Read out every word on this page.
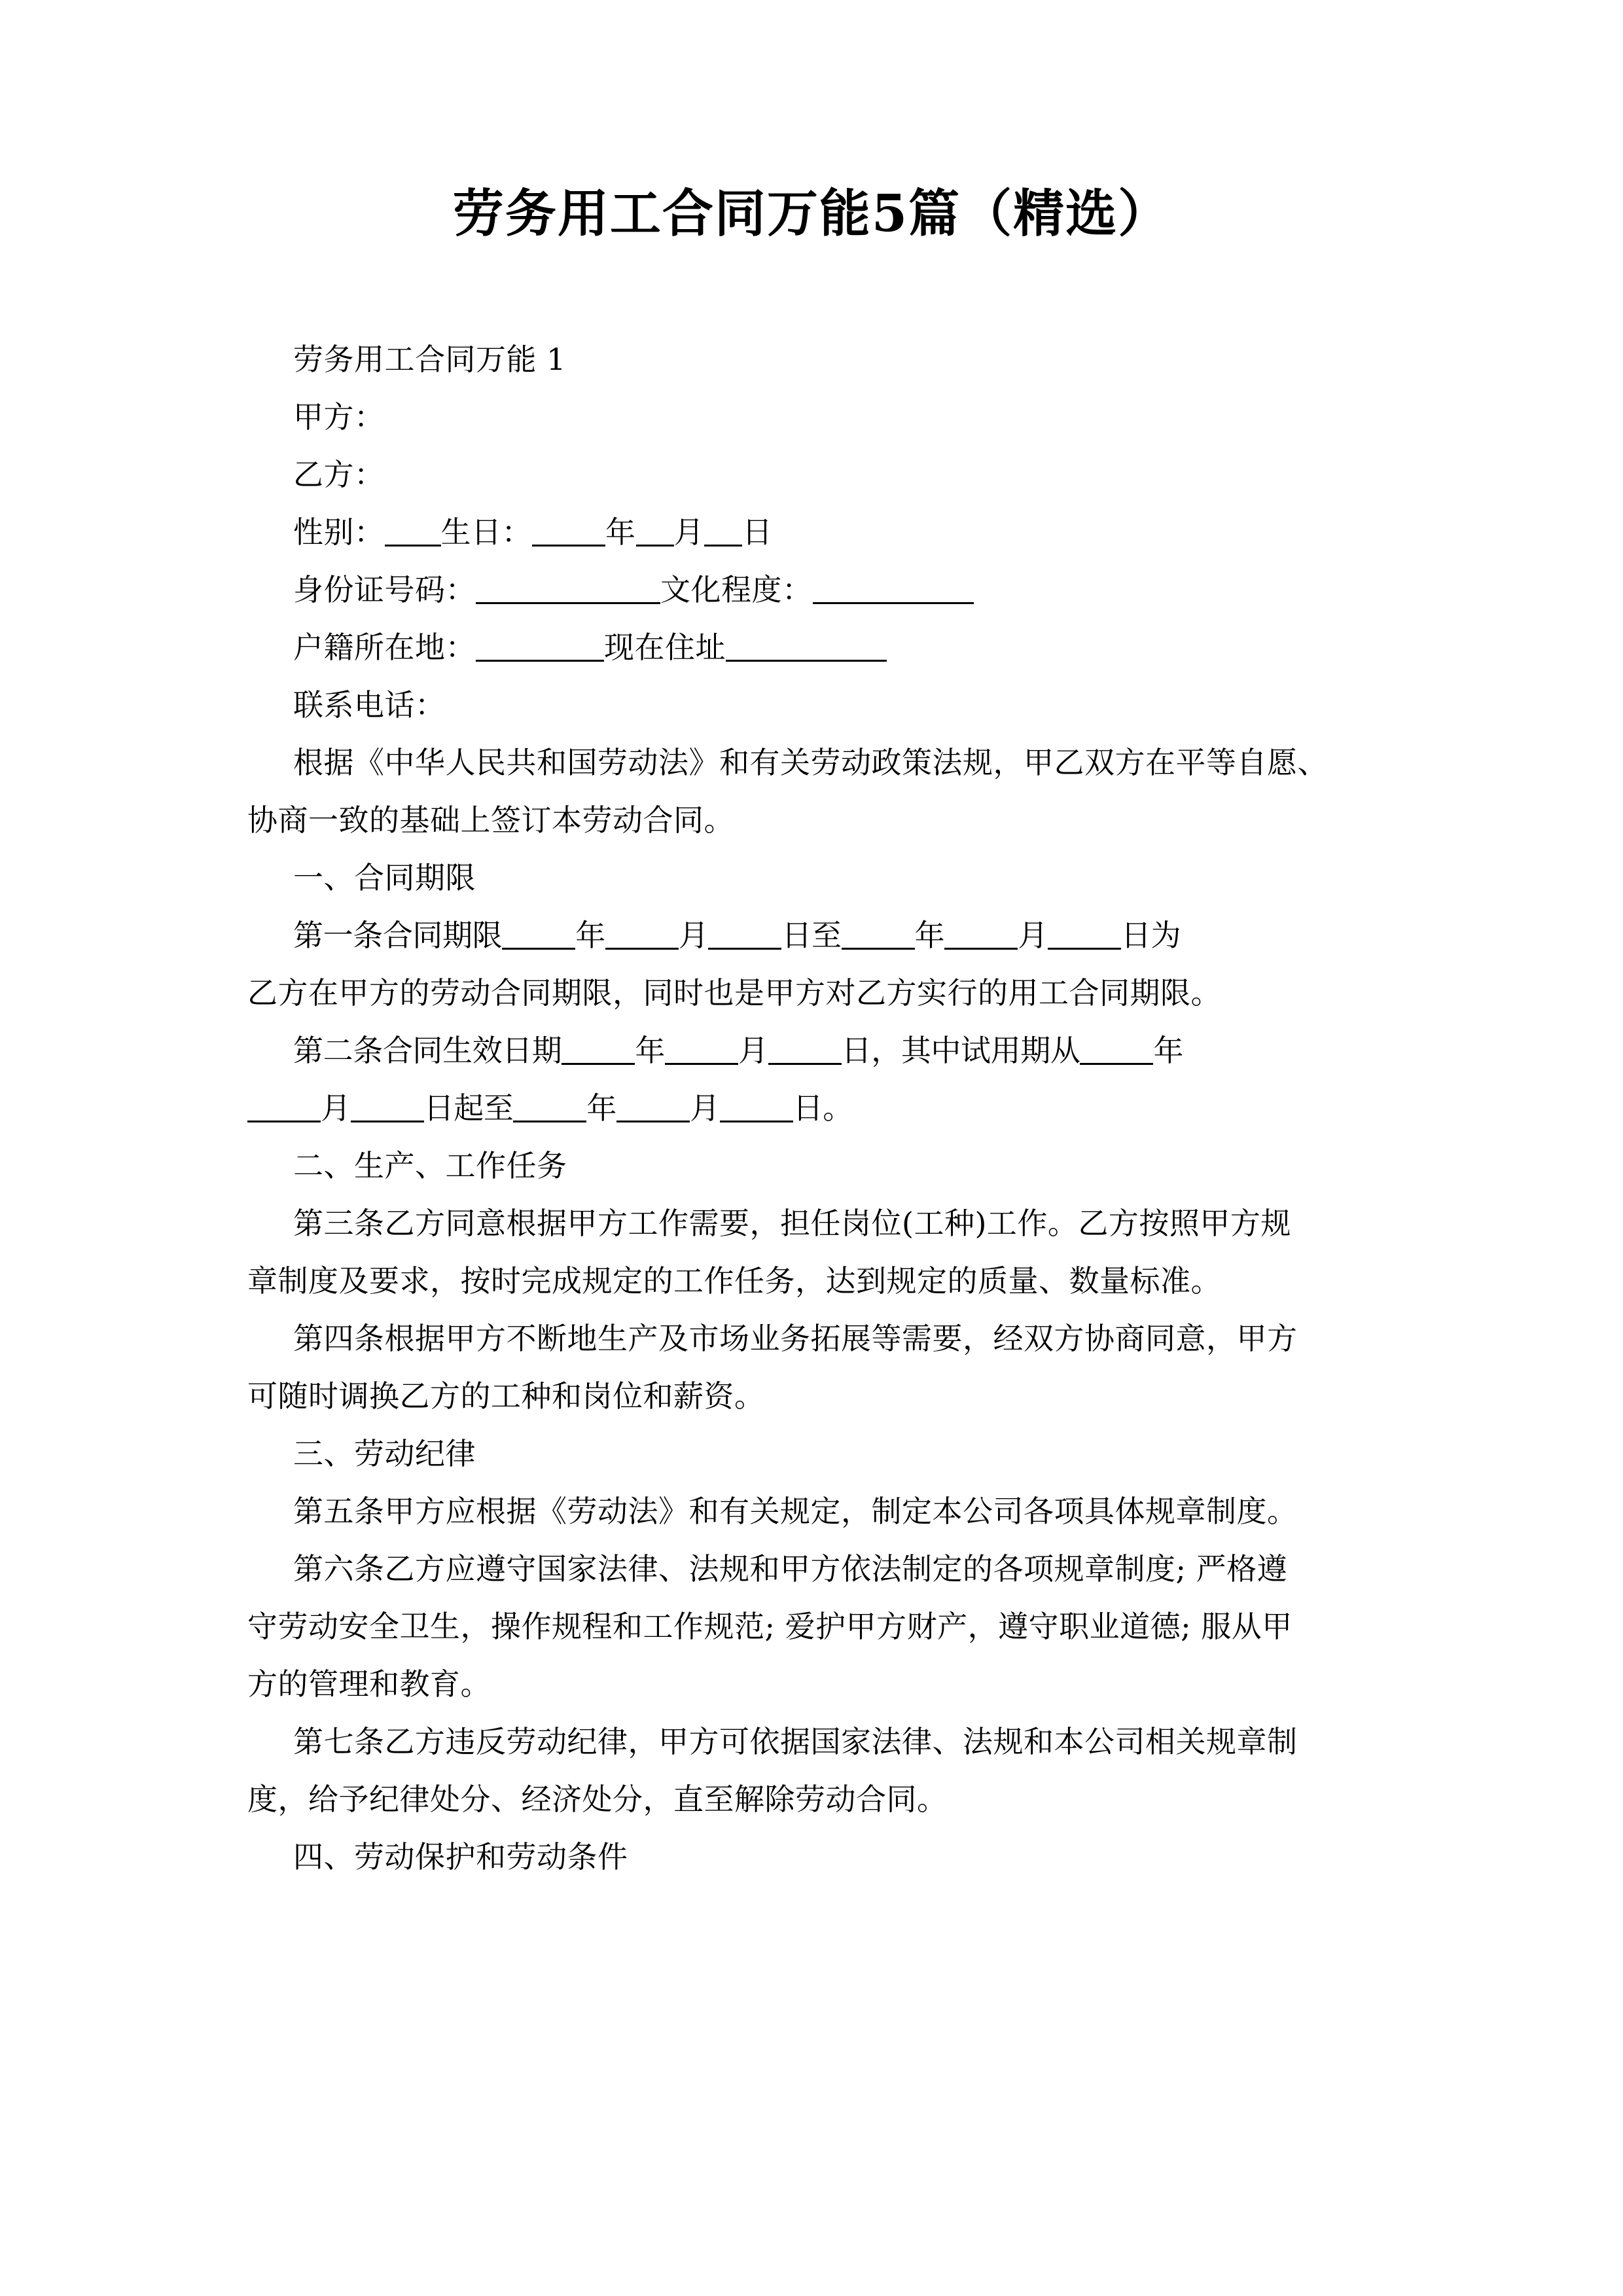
劳务用工合同万能5篇（精选）
劳务用工合同万能 1
甲方：
乙方：
性别： 生日： 年 月 日
身份证号码：	文化程度：
户籍所在地：	现在住址
联系电话：
根据《中华人民共和国劳动法》和有关劳动政策法规，甲乙双方在平等自愿、
协商一致的基础上签订本劳动合同。
一、合同期限
第一条合同期限 年 月 日至 年 月 日为
乙方在甲方的劳动合同期限，同时也是甲方对乙方实行的用工合同期限。
第二条合同生效日期 年 月 日，其中试用期从 年
月 日起至 年 月 日。
二、生产、工作任务
第三条乙方同意根据甲方工作需要，担任岗位(工种)工作。乙方按照甲方规
章制度及要求，按时完成规定的工作任务，达到规定的质量、数量标准。
第四条根据甲方不断地生产及市场业务拓展等需要，经双方协商同意，甲方
可随时调换乙方的工种和岗位和薪资。
三、劳动纪律
第五条甲方应根据《劳动法》和有关规定，制定本公司各项具体规章制度。
第六条乙方应遵守国家法律、法规和甲方依法制定的各项规章制度; 严格遵
守劳动安全卫生，操作规程和工作规范; 爱护甲方财产，遵守职业道德; 服从甲
方的管理和教育。
第七条乙方违反劳动纪律，甲方可依据国家法律、法规和本公司相关规章制
度，给予纪律处分、经济处分，直至解除劳动合同。
四、劳动保护和劳动条件
